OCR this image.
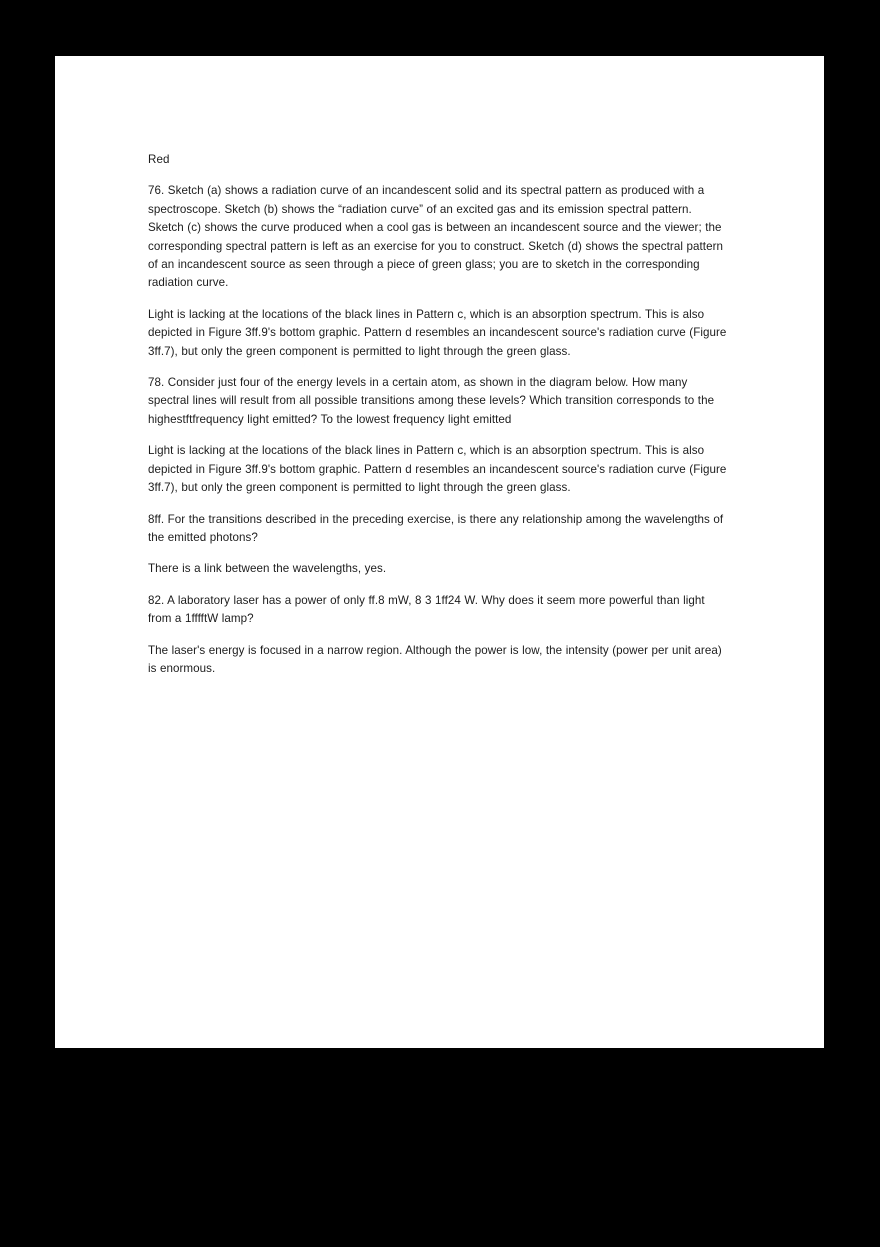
Red

76. Sketch (a) shows a radiation curve of an incandescent solid and its spectral pattern as produced with a spectroscope. Sketch (b) shows the “radiation curve” of an excited gas and its emission spectral pattern. Sketch (c) shows the curve produced when a cool gas is between an incandescent source and the viewer; the corresponding spectral pattern is left as an exercise for you to construct. Sketch (d) shows the spectral pattern of an incandescent source as seen through a piece of green glass; you are to sketch in the corresponding radiation curve.

Light is lacking at the locations of the black lines in Pattern c, which is an absorption spectrum. This is also depicted in Figure 3ff.9's bottom graphic. Pattern d resembles an incandescent source's radiation curve (Figure 3ff.7), but only the green component is permitted to light through the green glass.

78. Consider just four of the energy levels in a certain atom, as shown in the diagram below. How many spectral lines will result from all possible transitions among these levels? Which transition corresponds to the highestftfrequency light emitted? To the lowest frequency light emitted

Light is lacking at the locations of the black lines in Pattern c, which is an absorption spectrum. This is also depicted in Figure 3ff.9's bottom graphic. Pattern d resembles an incandescent source's radiation curve (Figure 3ff.7), but only the green component is permitted to light through the green glass.

8ff. For the transitions described in the preceding exercise, is there any relationship among the wavelengths of the emitted photons?

There is a link between the wavelengths, yes.

82. A laboratory laser has a power of only ff.8 mW, 8 3 1ff24 W. Why does it seem more powerful than light from a 1fffftW lamp?

The laser's energy is focused in a narrow region. Although the power is low, the intensity (power per unit area) is enormous.
